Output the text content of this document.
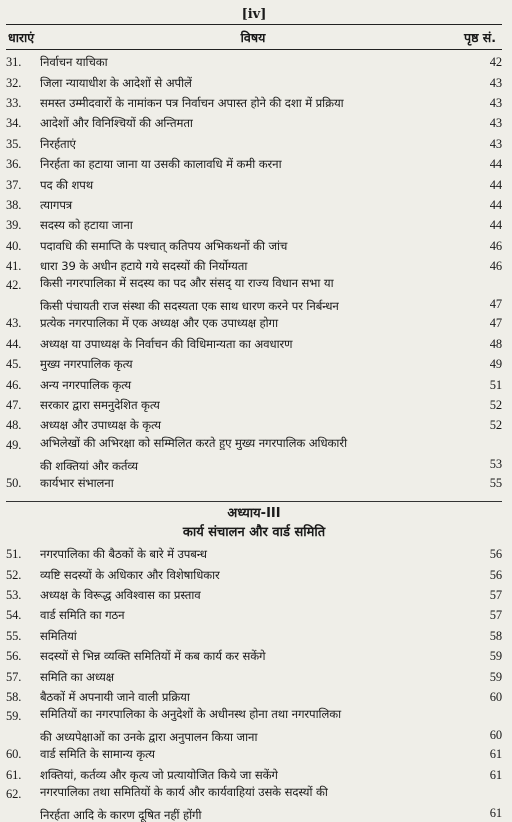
[iv]
धाराएं	विषय	पृष्ठ सं.
31.	निर्वाचन याचिका	42
32.	जिला न्यायाधीश के आदेशों से अपीलें	43
33.	समस्त उम्मीदवारों के नामांकन पत्र निर्वाचन अपास्त होने की दशा में प्रक्रिया	43
34.	आदेशों और विनिश्चियों की अन्तिमता	43
35.	निरर्हताएं	43
36.	निरर्हता का हटाया जाना या उसकी कालावधि में कमी करना	44
37.	पद की शपथ	44
38.	त्यागपत्र	44
39.	सदस्य को हटाया जाना	44
40.	पदावधि की समाप्ति के पश्चात् कतिपय अभिकथनों की जांच	46
41.	धारा 39 के अधीन हटाये गये सदस्यों की निर्योग्यता	46
42.	किसी नगरपालिका में सदस्य का पद और संसद् या राज्य विधान सभा या
किसी पंचायती राज संस्था की सदस्यता एक साथ धारण करने पर निर्बन्धन	47
43.	प्रत्येक नगरपालिका में एक अध्यक्ष और एक उपाध्यक्ष होगा	47
44.	अध्यक्ष या उपाध्यक्ष के निर्वाचन की विधिमान्यता का अवधारण	48
45.	मुख्य नगरपालिक कृत्य	49
46.	अन्य नगरपालिक कृत्य	51
47.	सरकार द्वारा समनुदेशित कृत्य	52
48.	अध्यक्ष और उपाध्यक्ष के कृत्य	52
49.	अभिलेखों की अभिरक्षा को सम्मिलित करते हुए मुख्य नगरपालिक अधिकारी
की शक्तियां और कर्तव्य	53
50.	कार्यभार संभालना	55
अध्याय-III
कार्य संचालन और वार्ड समिति
51.	नगरपालिका की बैठकों के बारे में उपबन्ध	56
52.	व्यष्टि सदस्यों के अधिकार और विशेषाधिकार	56
53.	अध्यक्ष के विरूद्ध अविश्वास का प्रस्ताव	57
54.	वार्ड समिति का गठन	57
55.	समितियां	58
56.	सदस्यों से भिन्न व्यक्ति समितियों में कब कार्य कर सकेंगे	59
57.	समिति का अध्यक्ष	59
58.	बैठकों में अपनायी जाने वाली प्रक्रिया	60
59.	समितियों का नगरपालिका के अनुदेशों के अधीनस्थ होना तथा नगरपालिका
की अध्यपेक्षाओं का उनके द्वारा अनुपालन किया जाना	60
60.	वार्ड समिति के सामान्य कृत्य	61
61.	शक्तियां, कर्तव्य और कृत्य जो प्रत्यायोजित किये जा सकेंगे	61
62.	नगरपालिका तथा समितियों के कार्य और कार्यवाहियां उसके सदस्यों की
निरर्हता आदि के कारण दूषित नहीं होंगी	61
